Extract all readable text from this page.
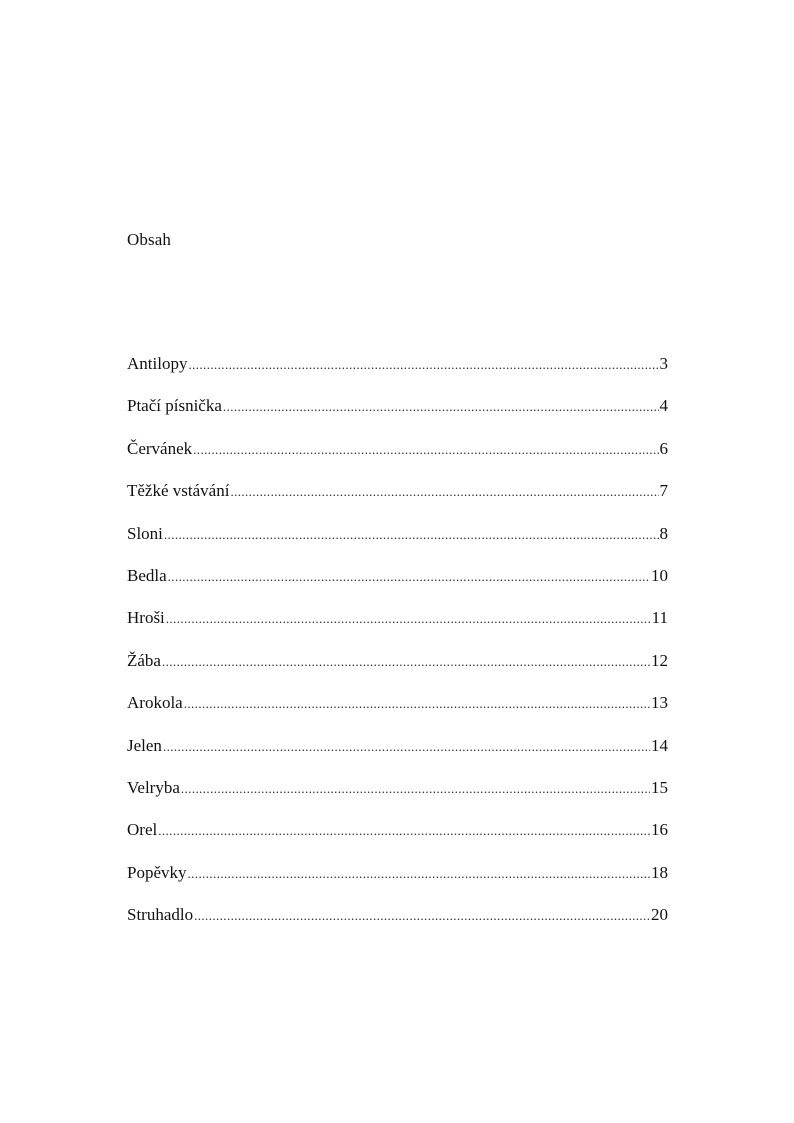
Obsah
Antilopy .....	3
Ptačí písnička .....	4
Červánek .....	6
Těžké vstávání .....	7
Sloni .....	8
Bedla .....	10
Hroši .....	11
Žába .....	12
Arokola .....	13
Jelen .....	14
Velryba .....	15
Orel .....	16
Popěvky .....	18
Struhadlo .....	20
